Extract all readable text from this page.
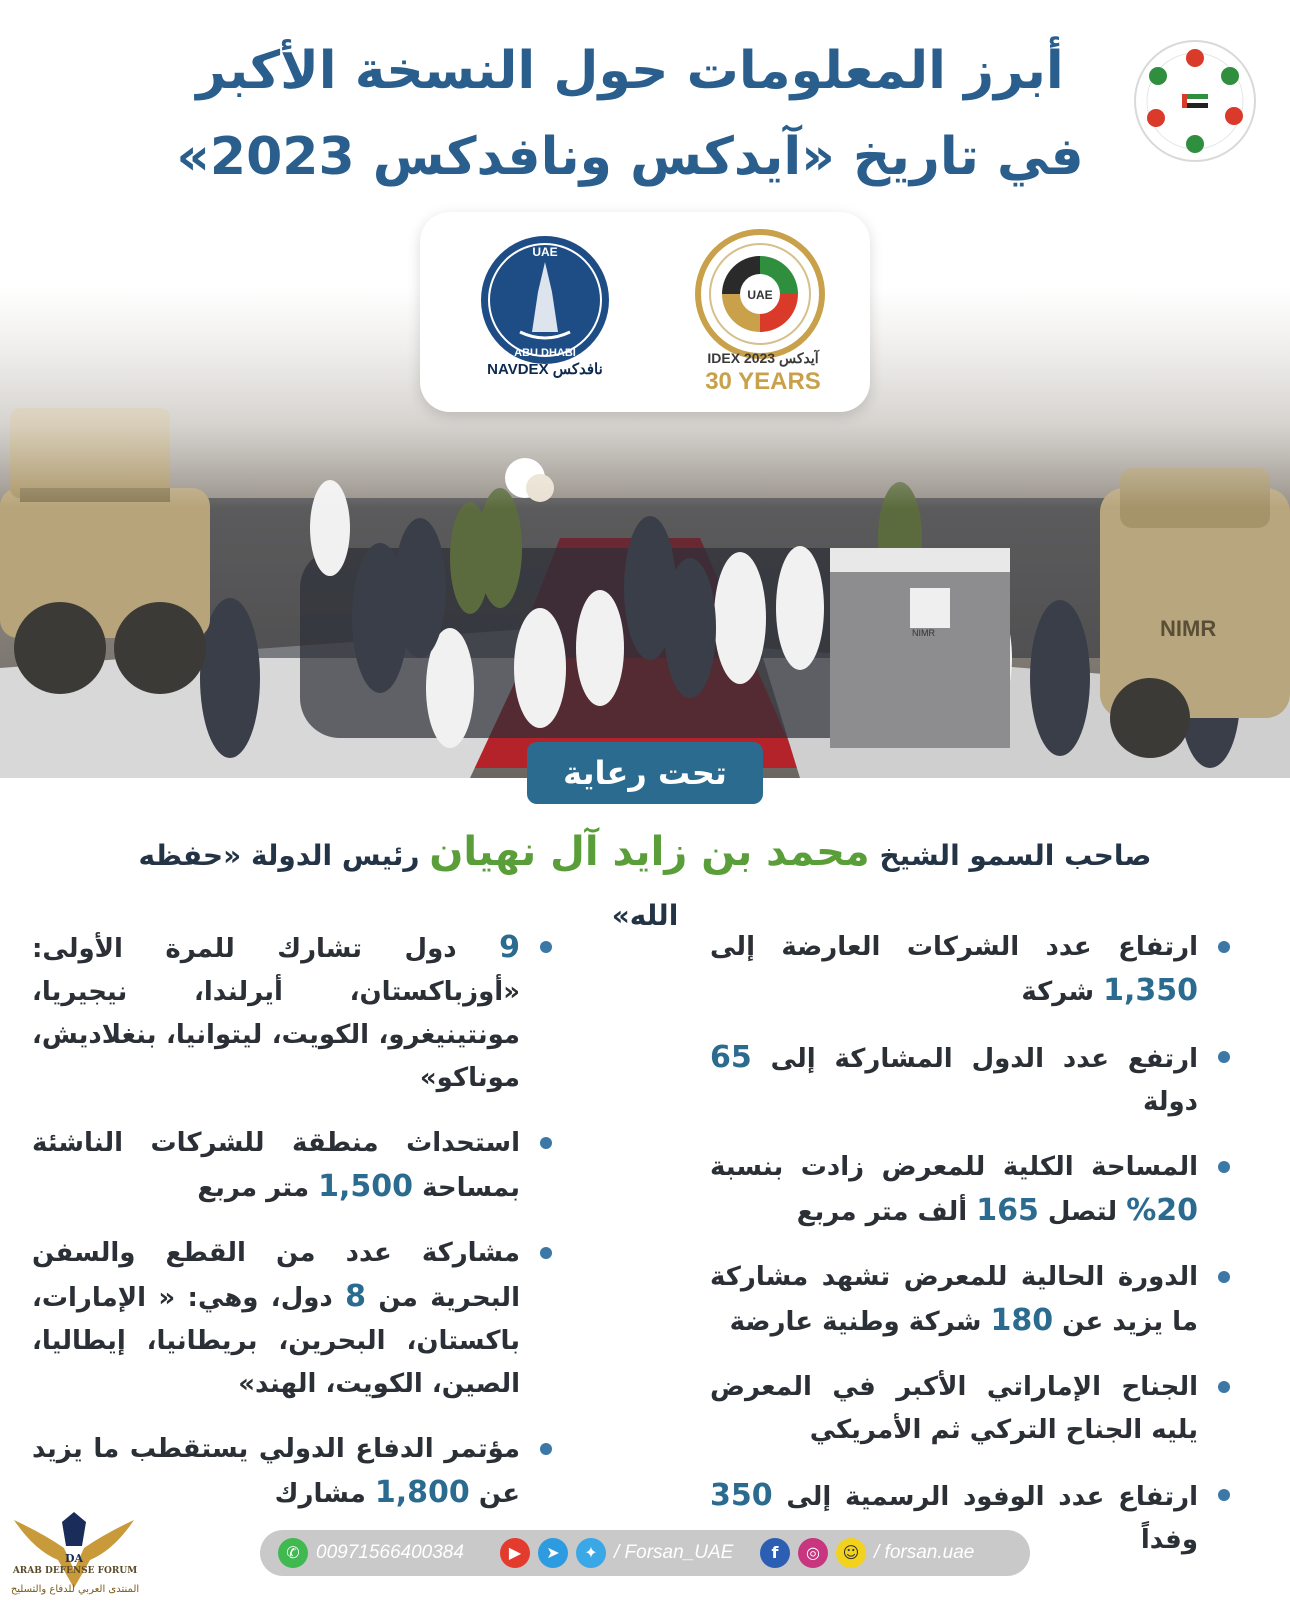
أبرز المعلومات حول النسخة الأكبر
في تاريخ «آيدكس ونافدكس 2023»
UAE
ABU DHABI
NAVDEX نافدكس
UAE
IDEX 2023 آيدكس
30 YEARS
تحت رعاية
صاحب السمو الشيخ محمد بن زايد آل نهيان رئيس الدولة «حفظه الله»
ارتفاع عدد الشركات العارضة إلى 1,350 شركة
ارتفع عدد الدول المشاركة إلى 65 دولة
المساحة الكلية للمعرض زادت بنسبة 20% لتصل 165 ألف متر مربع
الدورة الحالية للمعرض تشهد مشاركة ما يزيد عن 180 شركة وطنية عارضة
الجناح الإماراتي الأكبر في المعرض يليه الجناح التركي ثم الأمريكي
ارتفاع عدد الوفود الرسمية إلى 350 وفداً
9 دول تشارك للمرة الأولى: «أوزباكستان، أيرلندا، نيجيريا، مونتينيغرو، الكويت، ليتوانيا، بنغلاديش، موناكو»
استحداث منطقة للشركات الناشئة بمساحة 1,500 متر مربع
مشاركة عدد من القطع والسفن البحرية من 8 دول، وهي: « الإمارات، باكستان، البحرين، بريطانيا، إيطاليا، الصين، الكويت، الهند»
مؤتمر الدفاع الدولي يستقطب ما يزيد عن 1,800 مشارك
✆ 00971566400384	▶	➤	✦ / Forsan_UAE	f	◎	☺ / forsan.uae
DA
ARAB DEFENSE FORUM
المنتدى العربي للدفاع والتسليح
